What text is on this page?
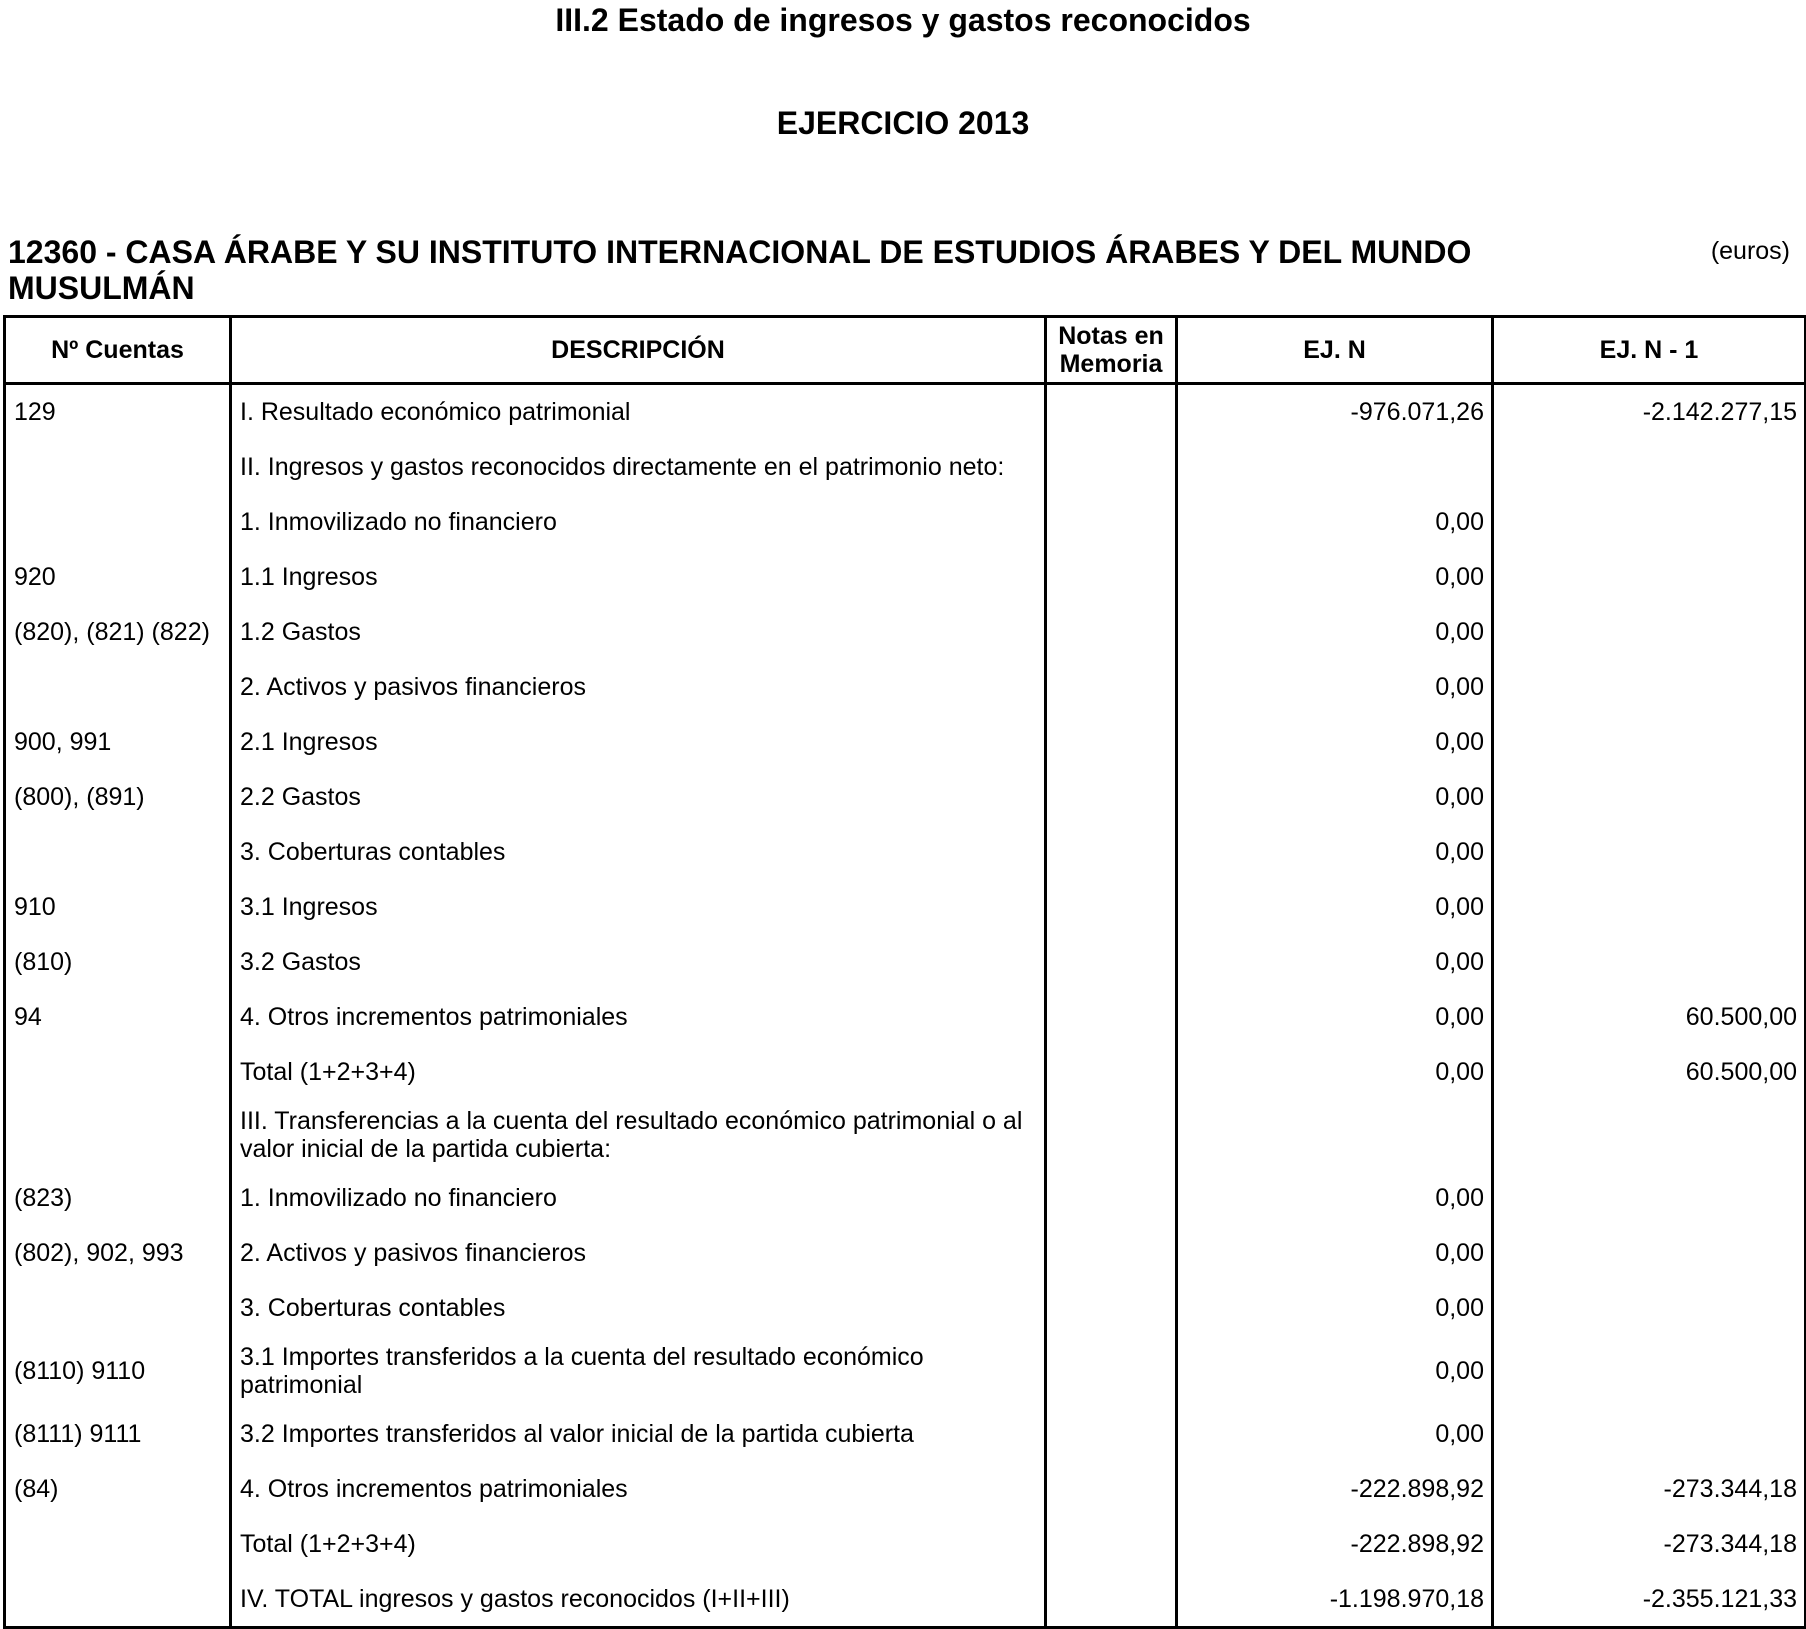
III.2 Estado de ingresos y gastos reconocidos
EJERCICIO 2013
12360 - CASA ÁRABE Y SU INSTITUTO INTERNACIONAL DE ESTUDIOS ÁRABES Y DEL MUNDO MUSULMÁN
(euros)
Nº Cuentas	DESCRIPCIÓN	Notas en Memoria	EJ. N	EJ. N - 1
129	I. Resultado económico patrimonial		-976.071,26	-2.142.277,15
	II. Ingresos y gastos reconocidos directamente en el patrimonio neto:			
	1. Inmovilizado no financiero		0,00	
920	1.1 Ingresos		0,00	
(820), (821) (822)	1.2 Gastos		0,00	
	2. Activos y pasivos financieros		0,00	
900, 991	2.1 Ingresos		0,00	
(800), (891)	2.2 Gastos		0,00	
	3. Coberturas contables		0,00	
910	3.1 Ingresos		0,00	
(810)	3.2 Gastos		0,00	
94	4. Otros incrementos patrimoniales		0,00	60.500,00
	Total (1+2+3+4)		0,00	60.500,00
	III. Transferencias a la cuenta del resultado económico patrimonial o al valor inicial de la partida cubierta:			
(823)	1. Inmovilizado no financiero		0,00	
(802), 902, 993	2. Activos y pasivos financieros		0,00	
	3. Coberturas contables		0,00	
(8110) 9110	3.1 Importes transferidos a la cuenta del resultado económico patrimonial		0,00	
(8111) 9111	3.2 Importes transferidos al valor inicial de la partida cubierta		0,00	
(84)	4. Otros incrementos patrimoniales		-222.898,92	-273.344,18
	Total (1+2+3+4)		-222.898,92	-273.344,18
	IV. TOTAL ingresos y gastos reconocidos (I+II+III)		-1.198.970,18	-2.355.121,33
